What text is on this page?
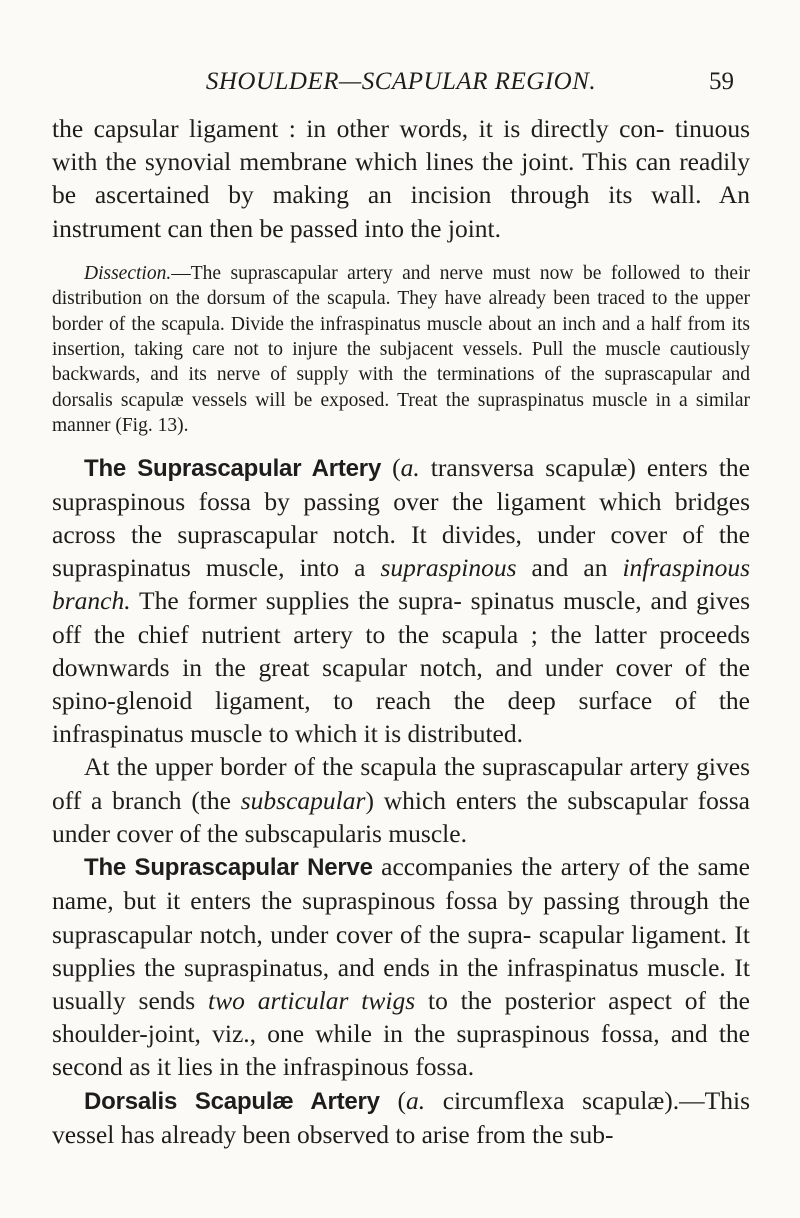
SHOULDER—SCAPULAR REGION.	59

the capsular ligament : in other words, it is directly con- tinuous with the synovial membrane which lines the joint. This can readily be ascertained by making an incision through its wall. An instrument can then be passed into the joint.

Dissection.—The suprascapular artery and nerve must now be followed to their distribution on the dorsum of the scapula. They have already been traced to the upper border of the scapula. Divide the infraspinatus muscle about an inch and a half from its insertion, taking care not to injure the subjacent vessels. Pull the muscle cautiously backwards, and its nerve of supply with the terminations of the suprascapular and dorsalis scapulæ vessels will be exposed. Treat the supraspinatus muscle in a similar manner (Fig. 13).

The Suprascapular Artery (a. transversa scapulæ) enters the supraspinous fossa by passing over the ligament which bridges across the suprascapular notch. It divides, under cover of the supraspinatus muscle, into a supraspinous and an infraspinous branch. The former supplies the supra- spinatus muscle, and gives off the chief nutrient artery to the scapula ; the latter proceeds downwards in the great scapular notch, and under cover of the spino-glenoid ligament, to reach the deep surface of the infraspinatus muscle to which it is distributed.

At the upper border of the scapula the suprascapular artery gives off a branch (the subscapular) which enters the subscapular fossa under cover of the subscapularis muscle.

The Suprascapular Nerve accompanies the artery of the same name, but it enters the supraspinous fossa by passing through the suprascapular notch, under cover of the supra- scapular ligament. It supplies the supraspinatus, and ends in the infraspinatus muscle. It usually sends two articular twigs to the posterior aspect of the shoulder-joint, viz., one while in the supraspinous fossa, and the second as it lies in the infraspinous fossa.

Dorsalis Scapulæ Artery (a. circumflexa scapulæ).—This vessel has already been observed to arise from the sub-
